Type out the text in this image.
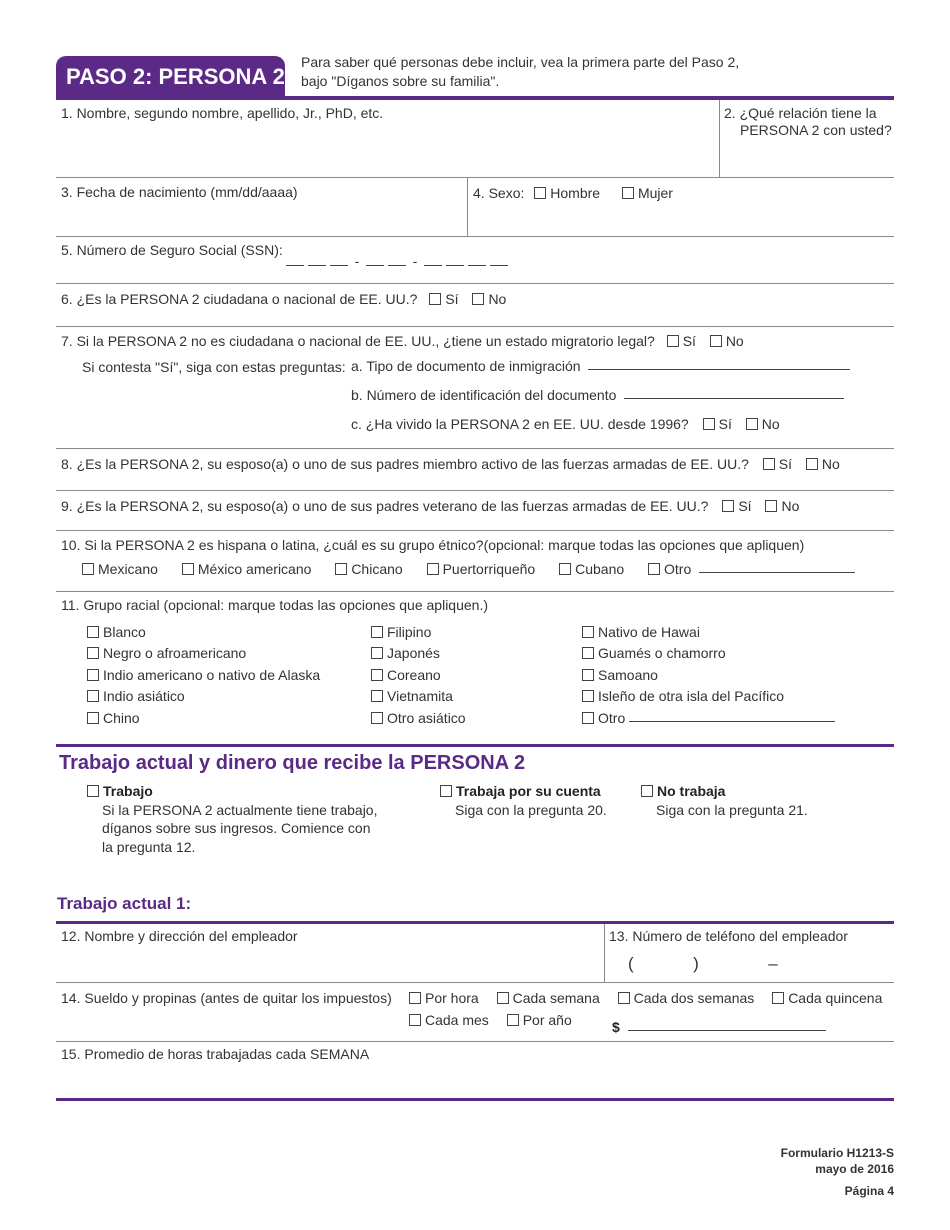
PASO 2: PERSONA 2
Para saber qué personas debe incluir, vea la primera parte del Paso 2,
bajo "Díganos sobre su familia".
1. Nombre, segundo nombre, apellido, Jr., PhD, etc.	2. ¿Qué relación tiene la
PERSONA 2 con usted?
3. Fecha de nacimiento (mm/dd/aaaa)	4. Sexo: Hombre	Mujer
5. Número de Seguro Social (SSN):
-	-
6. ¿Es la PERSONA 2 ciudadana o nacional de EE. UU.? Sí No
7. Si la PERSONA 2 no es ciudadana o nacional de EE. UU., ¿tiene un estado migratorio legal? Sí No
Si contesta "Sí", siga con estas preguntas: a. Tipo de documento de inmigración
b. Número de identificación del documento
c. ¿Ha vivido la PERSONA 2 en EE. UU. desde 1996? Sí No
8. ¿Es la PERSONA 2, su esposo(a) o uno de sus padres miembro activo de las fuerzas armadas de EE. UU.? Sí No
9. ¿Es la PERSONA 2, su esposo(a) o uno de sus padres veterano de las fuerzas armadas de EE. UU.? Sí No
10. Si la PERSONA 2 es hispana o latina, ¿cuál es su grupo étnico?(opcional: marque todas las opciones que apliquen)
Mexicano	México americano	Chicano	Puertorriqueño	Cubano	Otro
11. Grupo racial (opcional: marque todas las opciones que apliquen.)
Blanco
Negro o afroamericano
Indio americano o nativo de Alaska
Indio asiático
Chino
Filipino
Japonés
Coreano
Vietnamita
Otro asiático
Nativo de Hawai
Guamés o chamorro
Samoano
Isleño de otra isla del Pacífico
Otro
Trabajo actual y dinero que recibe la PERSONA 2
Trabajo
Si la PERSONA 2 actualmente tiene trabajo,
díganos sobre sus ingresos. Comience con
la pregunta 12.
Trabaja por su cuenta
Siga con la pregunta 20.
No trabaja
Siga con la pregunta 21.
Trabajo actual 1:
12. Nombre y dirección del empleador	13. Número de teléfono del empleador
(	)	–
14. Sueldo y propinas (antes de quitar los impuestos)	Por hora Cada semana Cada dos semanas Cada quincena
Cada mes Por año	$
15. Promedio de horas trabajadas cada SEMANA
Formulario H1213-S
mayo de 2016
Página 4
